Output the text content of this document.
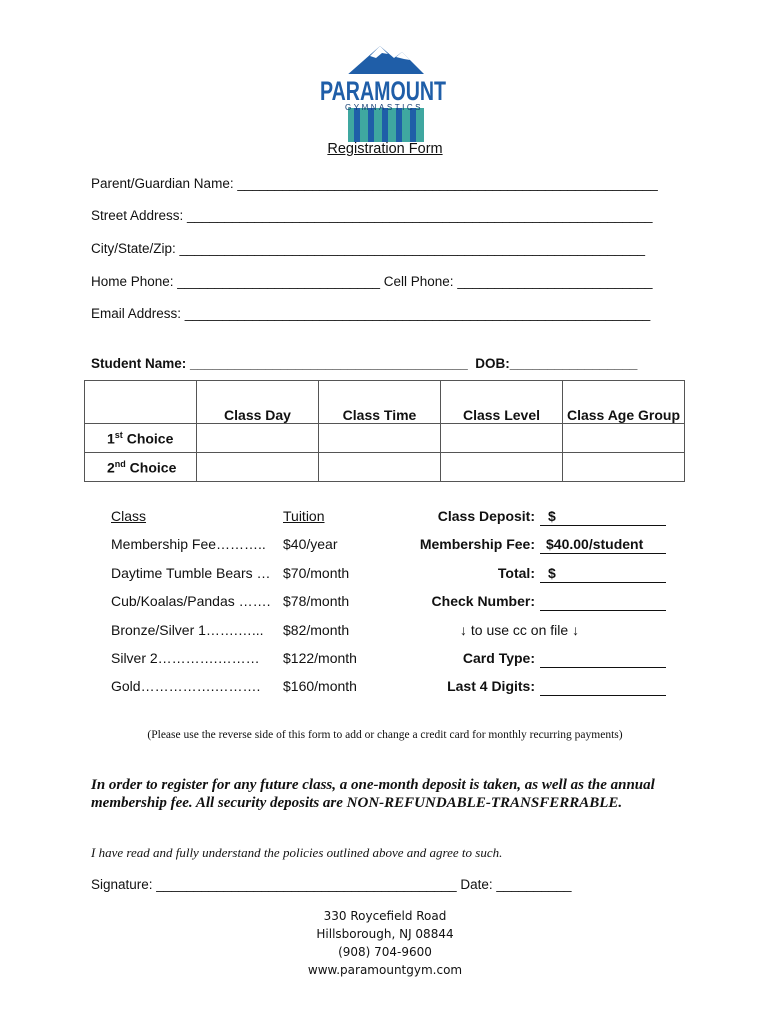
PARAMOUNT
GYMNASTICS
Registration Form
Parent/Guardian Name: ________________________________________________________
Street Address: ______________________________________________________________
City/State/Zip: ______________________________________________________________
Home Phone: ___________________________ Cell Phone: __________________________
Email Address: ______________________________________________________________
Student Name: _____________________________________  DOB:_________________
	Class Day	Class Time	Class Level	Class Age Group
1st Choice				
2nd Choice				
Class	Tuition
Membership Fee……….. $40/year
Daytime Tumble Bears … $70/month
Cub/Koalas/Pandas ……. $78/month
Bronze/Silver 1…….…... $82/month
Silver 2………….……… $122/month
Gold…………….………. $160/month
Class Deposit: $
Membership Fee: $40.00/student
Total: $
Check Number:
↓ to use cc on file ↓
Card Type:
Last 4 Digits:
(Please use the reverse side of this form to add or change a credit card for monthly recurring payments)
In order to register for any future class, a one-month deposit is taken, as well as the annual membership fee. All security deposits are NON-REFUNDABLE-TRANSFERRABLE.
I have read and fully understand the policies outlined above and agree to such.
Signature: ________________________________________ Date: __________
330 Roycefield Road
Hillsborough, NJ 08844
(908) 704-9600
www.paramountgym.com
